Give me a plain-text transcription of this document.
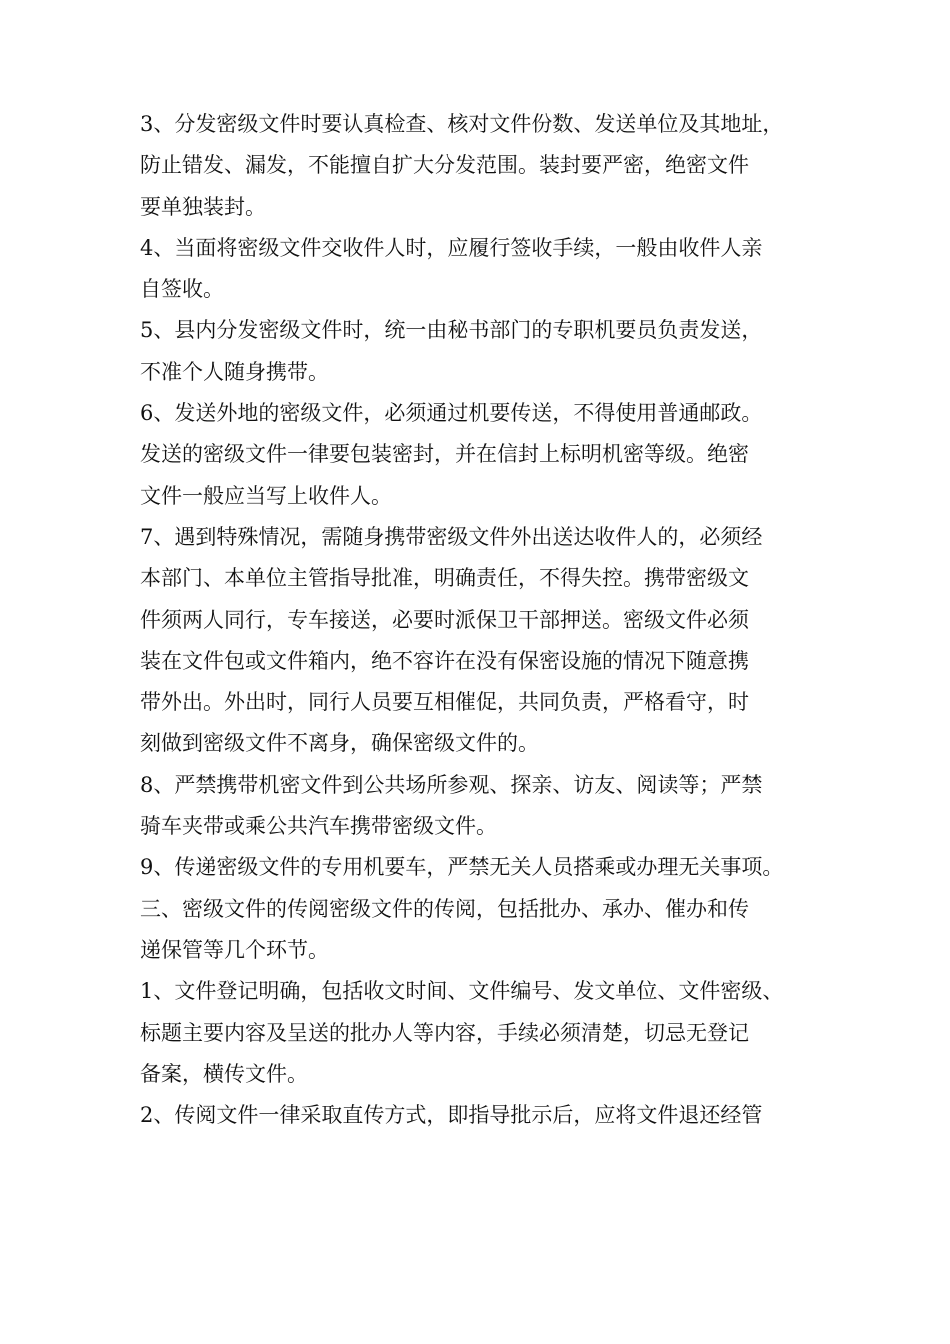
3、分发密级文件时要认真检查、核对文件份数、发送单位及其地址，
防止错发、漏发，不能擅自扩大分发范围。装封要严密，绝密文件
要单独装封。
4、当面将密级文件交收件人时，应履行签收手续，一般由收件人亲
自签收。
5、县内分发密级文件时，统一由秘书部门的专职机要员负责发送，
不准个人随身携带。
6、发送外地的密级文件，必须通过机要传送，不得使用普通邮政。
发送的密级文件一律要包装密封，并在信封上标明机密等级。绝密
文件一般应当写上收件人。
7、遇到特殊情况，需随身携带密级文件外出送达收件人的，必须经
本部门、本单位主管指导批准，明确责任，不得失控。携带密级文
件须两人同行，专车接送，必要时派保卫干部押送。密级文件必须
装在文件包或文件箱内，绝不容许在没有保密设施的情况下随意携
带外出。外出时，同行人员要互相催促，共同负责，严格看守，时
刻做到密级文件不离身，确保密级文件的。
8、严禁携带机密文件到公共场所参观、探亲、访友、阅读等；严禁
骑车夹带或乘公共汽车携带密级文件。
9、传递密级文件的专用机要车，严禁无关人员搭乘或办理无关事项。
三、密级文件的传阅密级文件的传阅，包括批办、承办、催办和传
递保管等几个环节。
1、文件登记明确，包括收文时间、文件编号、发文单位、文件密级、
标题主要内容及呈送的批办人等内容，手续必须清楚，切忌无登记
备案，横传文件。
2、传阅文件一律采取直传方式，即指导批示后，应将文件退还经管
